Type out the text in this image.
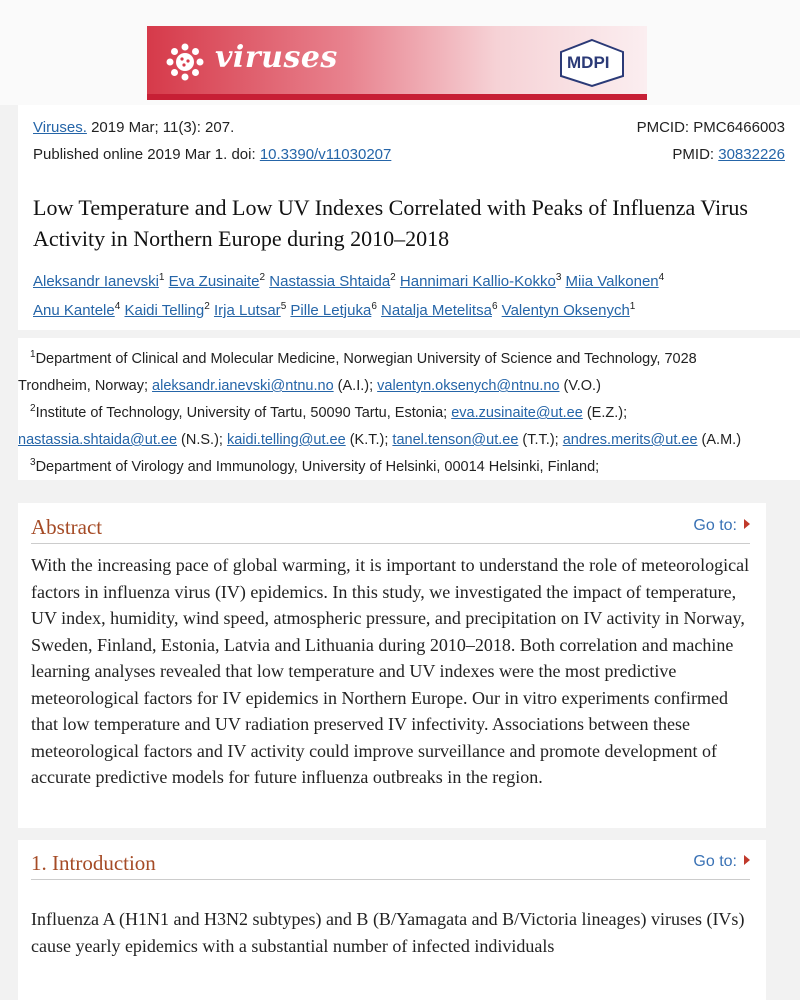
viruses	MDPI
Viruses. 2019 Mar; 11(3): 207.	PMCID: PMC6466003
Published online 2019 Mar 1. doi: 10.3390/v11030207	PMID: 30832226
Low Temperature and Low UV Indexes Correlated with Peaks of Influenza Virus Activity in Northern Europe during 2010–2018
Aleksandr Ianevski$^1$ Eva Zusinaite$^2$ Nastassia Shtaida$^2$ Hannimari Kallio-Kokko$^3$ Miia Valkonen$^4$
Anu Kantele$^4$ Kaidi Telling$^2$ Irja Lutsar$^5$ Pille Letjuka$^6$ Natalja Metelitsa$^6$ Valentyn Oksenych$^1$
$^1$Department of Clinical and Molecular Medicine, Norwegian University of Science and Technology, 7028
Trondheim, Norway; aleksandr.ianevski@ntnu.no (A.I.); valentyn.oksenych@ntnu.no (V.O.)
$^2$Institute of Technology, University of Tartu, 50090 Tartu, Estonia; eva.zusinaite@ut.ee (E.Z.);
nastassia.shtaida@ut.ee (N.S.); kaidi.telling@ut.ee (K.T.); tanel.tenson@ut.ee (T.T.); andres.merits@ut.ee (A.M.)
$^3$Department of Virology and Immunology, University of Helsinki, 00014 Helsinki, Finland;
Abstract	Go to:
With the increasing pace of global warming, it is important to understand the role of meteorological factors in influenza virus (IV) epidemics. In this study, we investigated the impact of temperature, UV index, humidity, wind speed, atmospheric pressure, and precipitation on IV activity in Norway, Sweden, Finland, Estonia, Latvia and Lithuania during 2010–2018. Both correlation and machine learning analyses revealed that low temperature and UV indexes were the most predictive meteorological factors for IV epidemics in Northern Europe. Our in vitro experiments confirmed that low temperature and UV radiation preserved IV infectivity. Associations between these meteorological factors and IV activity could improve surveillance and promote development of accurate predictive models for future influenza outbreaks in the region.
1. Introduction	Go to:
Influenza A (H1N1 and H3N2 subtypes) and B (B/Yamagata and B/Victoria lineages) viruses (IVs) cause yearly epidemics with a substantial number of infected individuals
